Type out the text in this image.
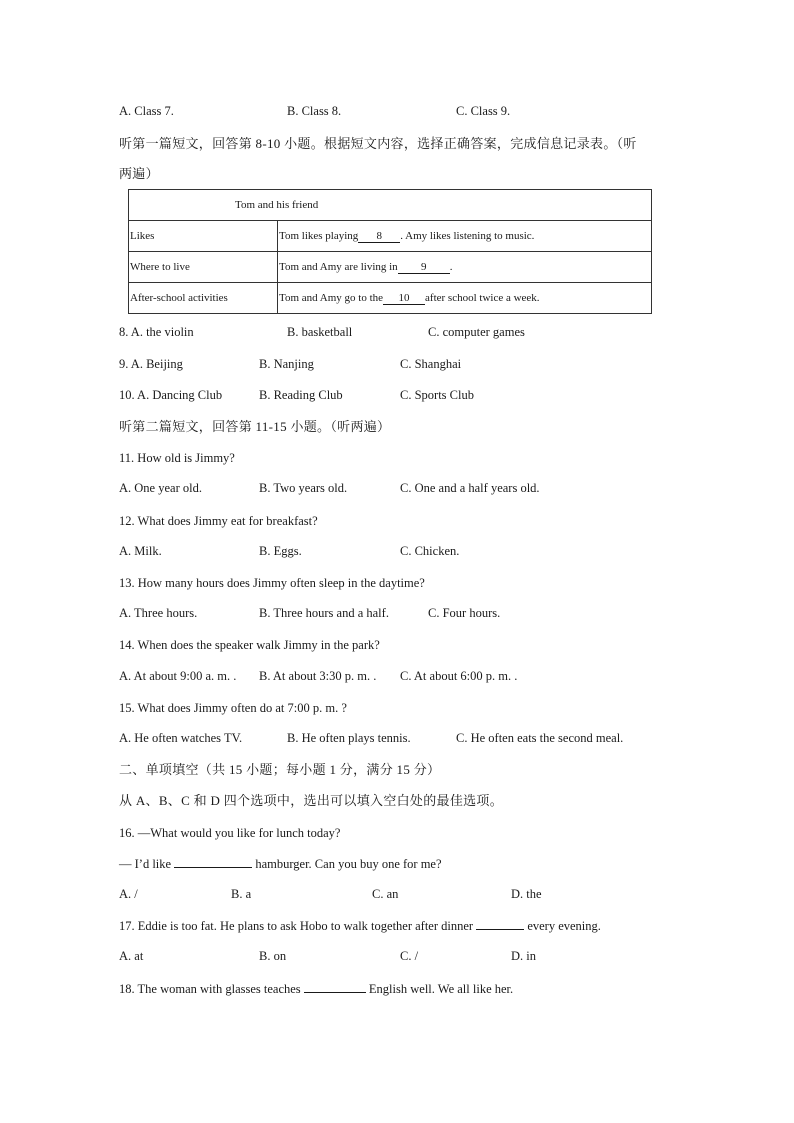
A. Class 7.	B. Class 8.	C. Class 9.
听第一篇短文，回答第 8-10 小题。根据短文内容，选择正确答案，完成信息记录表。（听
两遍）
Tom and his friend	
Likes	Tom likes playing 8 . Amy likes listening to music.
Where to live	Tom and Amy are living in 9 .
After-school activities	Tom and Amy go to the 10 after school twice a week.
8. A. the violin	B. basketball	C. computer games
9. A. Beijing	B. Nanjing	C. Shanghai
10. A. Dancing Club	B. Reading Club	C. Sports Club
听第二篇短文，回答第 11-15 小题。（听两遍）
11. How old is Jimmy?
A. One year old.	B. Two years old.	C. One and a half years old.
12. What does Jimmy eat for breakfast?
A. Milk.	B. Eggs.	C. Chicken.
13. How many hours does Jimmy often sleep in the daytime?
A. Three hours.	B. Three hours and a half.	C. Four hours.
14. When does the speaker walk Jimmy in the park?
A. At about 9:00 a. m. . B. At about 3:30 p. m. . C. At about 6:00 p. m. .
15. What does Jimmy often do at 7:00 p. m. ?
A. He often watches TV.	B. He often plays tennis.	C. He often eats the second meal.
二、单项填空（共 15 小题；每小题 1 分，满分 15 分）
从 A、B、C 和 D 四个选项中，选出可以填入空白处的最佳选项。
16. —What would you like for lunch today?
— I’d like	hamburger. Can you buy one for me?
A. /	B. a	C. an	D. the
17. Eddie is too fat. He plans to ask Hobo to walk together after dinner	every evening.
A. at	B. on	C. /	D. in
18. The woman with glasses teaches	English well. We all like her.
